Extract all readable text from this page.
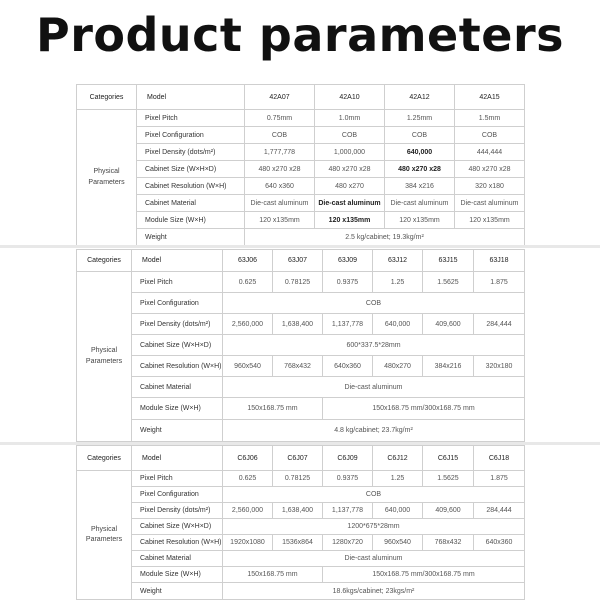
Product parameters
Categories	Model	42A07	42A10	42A12	42A15
Physical Parameters	Pixel Pitch	0.75mm	1.0mm	1.25mm	1.5mm
	Pixel Configuration	COB	COB	COB	COB
	Pixel Density (dots/m²)	1,777,778	1,000,000	640,000	444,444
	Cabinet Size (W×H×D)	480 x270 x28	480 x270 x28	480 x270 x28	480 x270 x28
	Cabinet Resolution (W×H)	640 x360	480 x270	384 x216	320 x180
	Cabinet Material	Die-cast aluminum	Die-cast aluminum	Die-cast aluminum	Die-cast aluminum
	Module Size (W×H)	120 x135mm	120 x135mm	120 x135mm	120 x135mm
	Weight	2.5 kg/cabinet; 19.3kg/m²			
Categories	Model	63J06	63J07	63J09	63J12	63J15	63J18
Physical Parameters	Pixel Pitch	0.625	0.78125	0.9375	1.25	1.5625	1.875
	Pixel Configuration	COB					
	Pixel Density (dots/m²)	2,560,000	1,638,400	1,137,778	640,000	409,600	284,444
	Cabinet Size (W×H×D)	600*337.5*28mm					
	Cabinet Resolution (W×H)	960x540	768x432	640x360	480x270	384x216	320x180
	Cabinet Material	Die-cast aluminum					
	Module Size (W×H)	150x168.75 mm		150x168.75 mm/300x168.75 mm			
	Weight	4.8 kg/cabinet; 23.7kg/m²					
Categories	Model	C6J06	C6J07	C6J09	C6J12	C6J15	C6J18
Physical Parameters	Pixel Pitch	0.625	0.78125	0.9375	1.25	1.5625	1.875
	Pixel Configuration	COB					
	Pixel Density (dots/m²)	2,560,000	1,638,400	1,137,778	640,000	409,600	284,444
	Cabinet Size (W×H×D)	1200*675*28mm					
	Cabinet Resolution (W×H)	1920x1080	1536x864	1280x720	960x540	768x432	640x360
	Cabinet Material	Die-cast aluminum					
	Module Size (W×H)	150x168.75 mm		150x168.75 mm/300x168.75 mm			
	Weight	18.6kgs/cabinet; 23kgs/m²					
